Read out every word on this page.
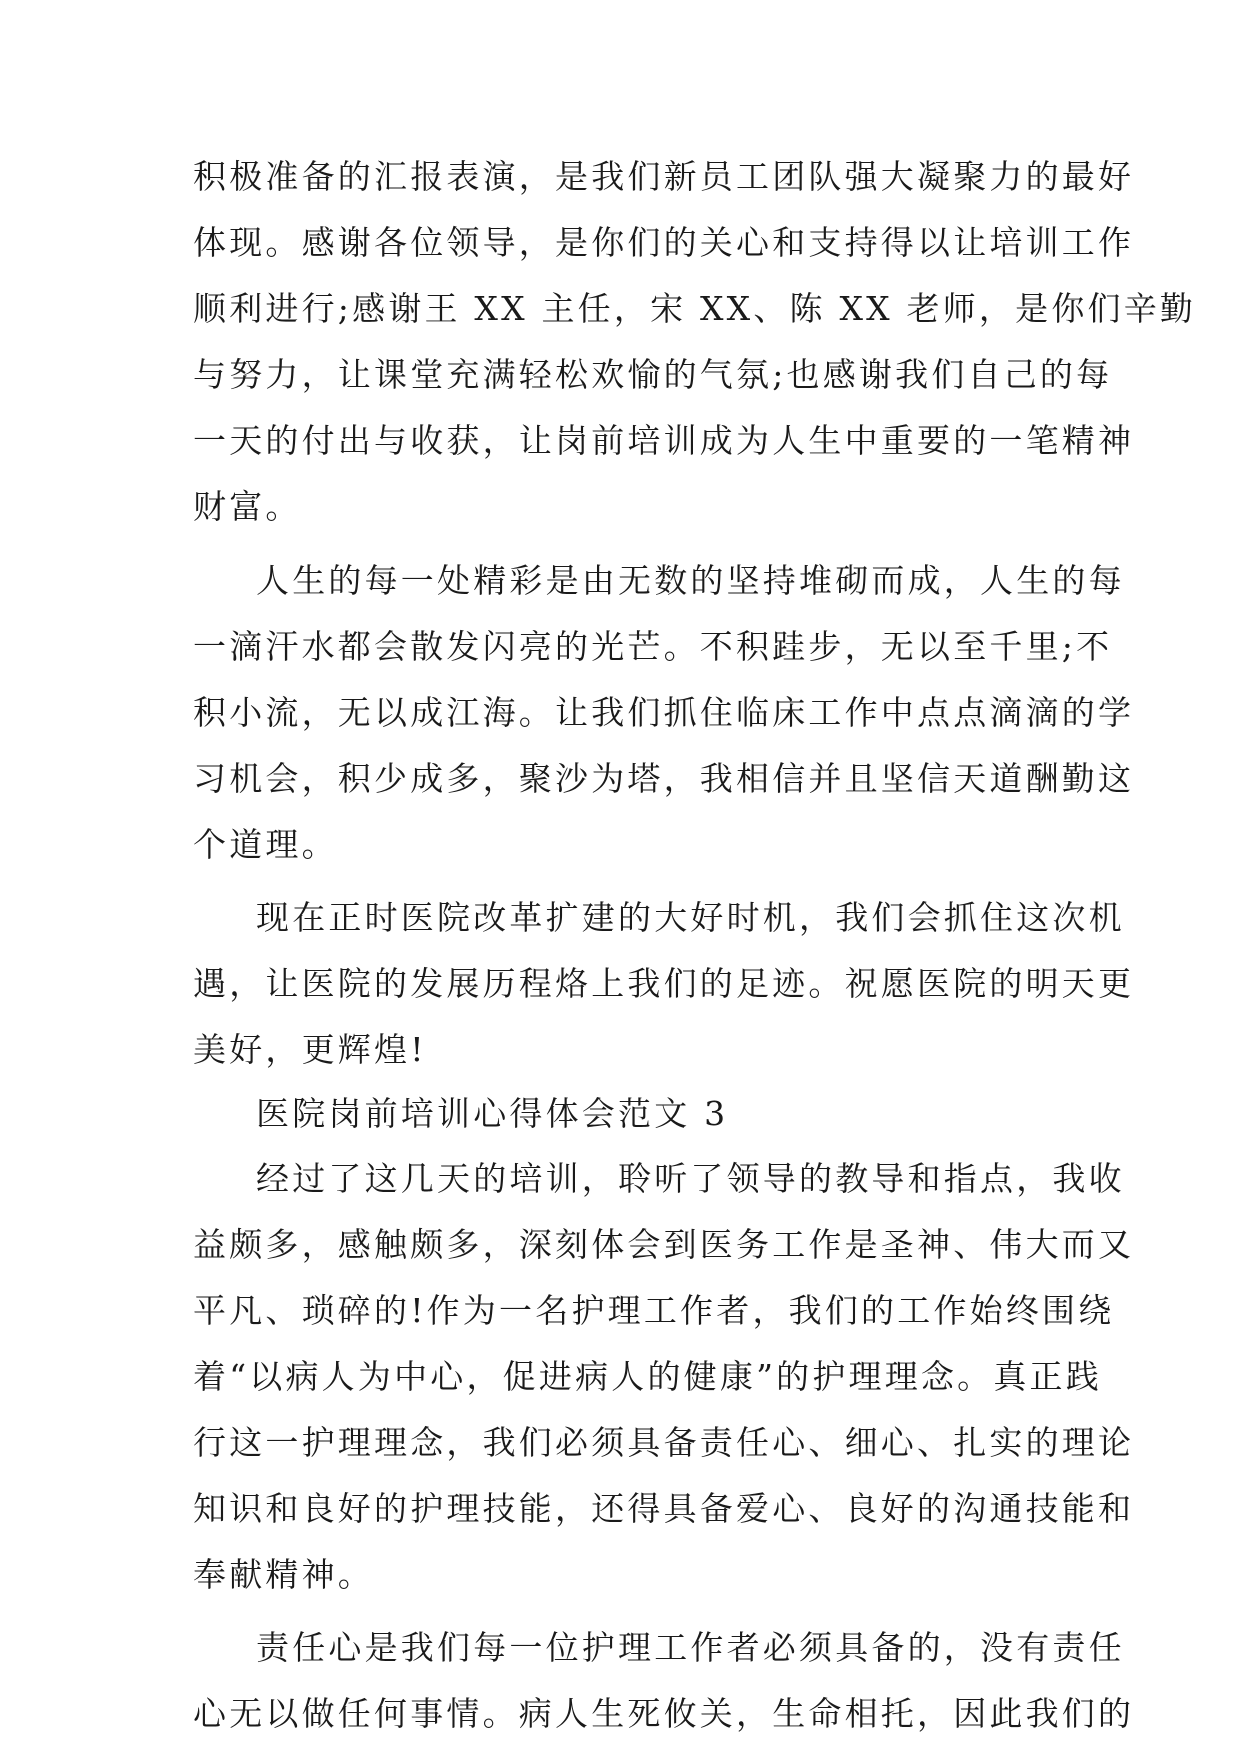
积极准备的汇报表演，是我们新员工团队强大凝聚力的最好
体现。感谢各位领导，是你们的关心和支持得以让培训工作
顺利进行;感谢王 XX 主任，宋 XX、陈 XX 老师，是你们辛勤
与努力，让课堂充满轻松欢愉的气氛;也感谢我们自己的每
一天的付出与收获，让岗前培训成为人生中重要的一笔精神
财富。
人生的每一处精彩是由无数的坚持堆砌而成，人生的每
一滴汗水都会散发闪亮的光芒。不积跬步，无以至千里;不
积小流，无以成江海。让我们抓住临床工作中点点滴滴的学
习机会，积少成多，聚沙为塔，我相信并且坚信天道酬勤这
个道理。
现在正时医院改革扩建的大好时机，我们会抓住这次机
遇，让医院的发展历程烙上我们的足迹。祝愿医院的明天更
美好，更辉煌!
医院岗前培训心得体会范文 3
经过了这几天的培训，聆听了领导的教导和指点，我收
益颇多，感触颇多，深刻体会到医务工作是圣神、伟大而又
平凡、琐碎的!作为一名护理工作者，我们的工作始终围绕
着“以病人为中心，促进病人的健康”的护理理念。真正践
行这一护理理念，我们必须具备责任心、细心、扎实的理论
知识和良好的护理技能，还得具备爱心、良好的沟通技能和
奉献精神。
责任心是我们每一位护理工作者必须具备的，没有责任
心无以做任何事情。病人生死攸关，生命相托，因此我们的
